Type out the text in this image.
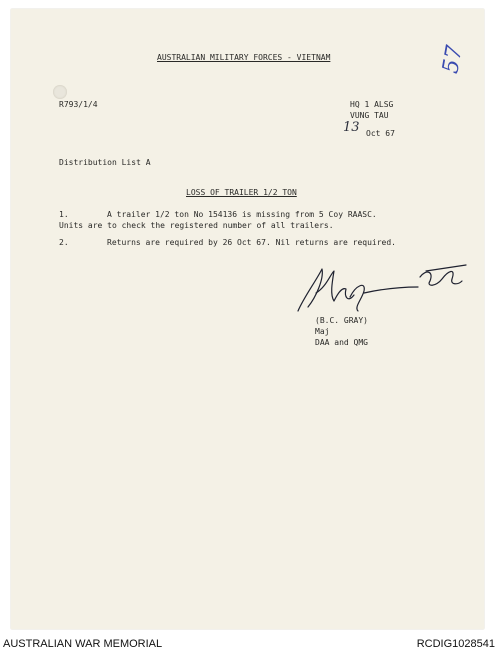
AUSTRALIAN MILITARY FORCES - VIETNAM	57
R793/1/4	HQ 1 ALSG
VUNG TAU
13 Oct 67
Distribution List A
LOSS OF TRAILER 1/2 TON
1.	A trailer 1/2 ton No 154136 is missing from 5 Coy RAASC.
Units are to check the registered number of all trailers.
2.	Returns are required by 26 Oct 67. Nil returns are required.
(B.C. GRAY)
Maj
DAA and QMG
AUSTRALIAN WAR MEMORIAL	RCDIG1028541
